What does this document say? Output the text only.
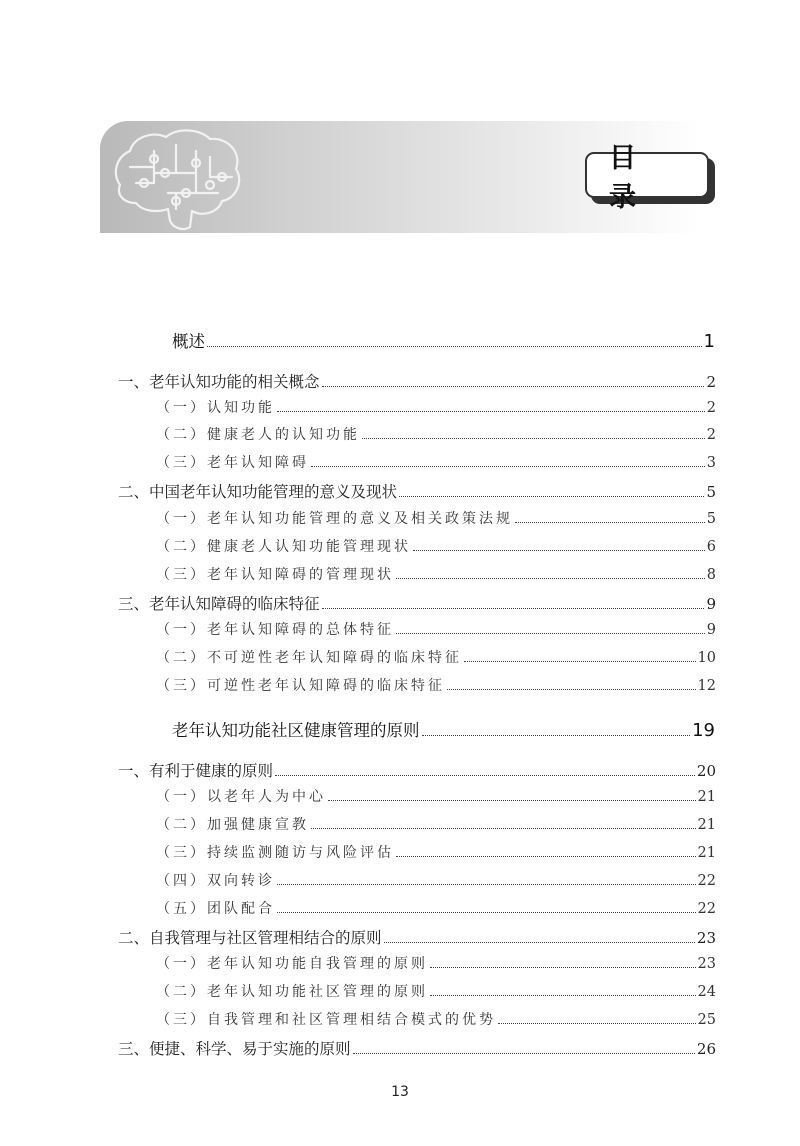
目　录
概述	1
一、老年认知功能的相关概念	2
（一）认知功能	2
（二）健康老人的认知功能	2
（三）老年认知障碍	3
二、中国老年认知功能管理的意义及现状	5
（一）老年认知功能管理的意义及相关政策法规	5
（二）健康老人认知功能管理现状	6
（三）老年认知障碍的管理现状	8
三、老年认知障碍的临床特征	9
（一）老年认知障碍的总体特征	9
（二）不可逆性老年认知障碍的临床特征	10
（三）可逆性老年认知障碍的临床特征	12
老年认知功能社区健康管理的原则	19
一、有利于健康的原则	20
（一）以老年人为中心	21
（二）加强健康宣教	21
（三）持续监测随访与风险评估	21
（四）双向转诊	22
（五）团队配合	22
二、自我管理与社区管理相结合的原则	23
（一）老年认知功能自我管理的原则	23
（二）老年认知功能社区管理的原则	24
（三）自我管理和社区管理相结合模式的优势	25
三、便捷、科学、易于实施的原则	26
13
